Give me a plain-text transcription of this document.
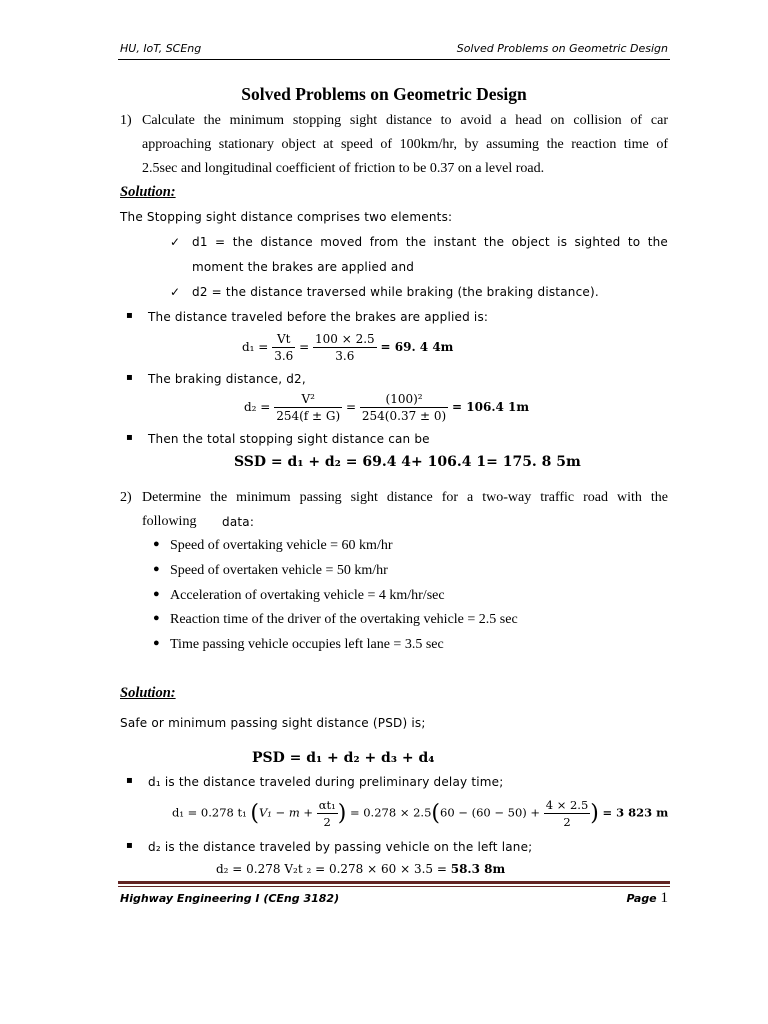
HU, IoT, SCEng	Solved Problems on Geometric Design
Solved Problems on Geometric Design
1) Calculate the minimum stopping sight distance to avoid a head on collision of car
approaching stationary object at speed of 100km/hr, by assuming the reaction time of
2.5sec and longitudinal coefficient of friction to be 0.37 on a level road.
Solution:
The Stopping sight distance comprises two elements:
✓ d1 = the distance moved from the instant the object is sighted to the
moment the brakes are applied and
✓ d2 = the distance traversed while braking (the braking distance).
▪ The distance traveled before the brakes are applied is:
$d_1 = \frac{Vt}{3.6} = \frac{100 \times 2.5}{3.6} = 69$. 4 4m
▪ The braking distance, d2,
$d_2 = \frac{\text{V²}}{254(f \pm G)} = \frac{\text{(100)²}}{254(0.37 \pm 0)} = 106.4$ 1m
▪ Then the total stopping sight distance can be
SSD = d₁ + d₂ = 69.4 4+ 106.4 1= 175. 8 5m
2) Determine the minimum passing sight distance for a two-way traffic road with the
following data:
● Speed of overtaking vehicle = 60 km/hr
● Speed of overtaken vehicle = 50 km/hr
● Acceleration of overtaking vehicle = 4 km/hr/sec
● Reaction time of the driver of the overtaking vehicle = 2.5 sec
● Time passing vehicle occupies left lane = 3.5 sec
Solution:
Safe or minimum passing sight distance (PSD) is;
PSD = d₁ + d₂ + d₃ + d₄
▪ d₁ is the distance traveled during preliminary delay time;
d₁ = 0.278 t₁ ($V_1 - m + \frac{\text{αt₁}}{2}$ ) = $0.278 \times 2.5(60 - (60 - 50) + \frac{4 \times 2.5}{2}$ ) = 3 823 m
▪ d₂ is the distance traveled by passing vehicle on the left lane;
d₂ = 0.278 V₂t ₂ = 0.278 × 60 × 3.5 = 58.3 8m
Highway Engineering I (CEng 3182)	Page 1
